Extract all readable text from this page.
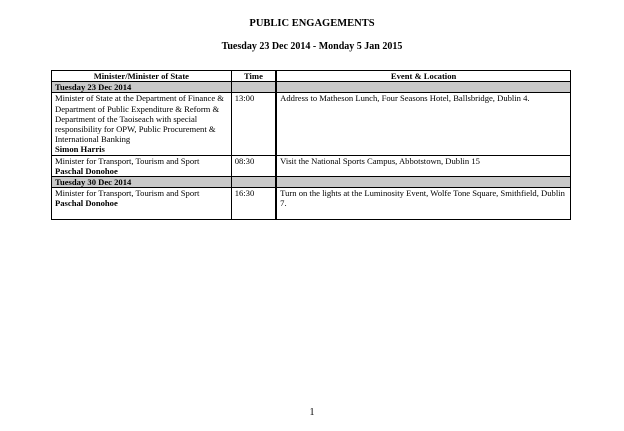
PUBLIC ENGAGEMENTS
Tuesday 23 Dec 2014 - Monday 5 Jan 2015
Minister/Minister of State	Time	Event & Location
Tuesday 23 Dec 2014		

Minister of State at the Department of Finance & Department of Public Expenditure & Reform & Department of the Taoiseach with special responsibility for OPW, Public Procurement & International Banking
Simon Harris	13:00	Address to Matheson Lunch, Four Seasons Hotel, Ballsbridge, Dublin 4.

Minister for Transport, Tourism and Sport
Paschal Donohoe	08:30	Visit the National Sports Campus, Abbotstown, Dublin 15
Tuesday 30 Dec 2014		

Minister for Transport, Tourism and Sport
Paschal Donohoe	16:30	Turn on the lights at the Luminosity Event, Wolfe Tone Square, Smithfield, Dublin 7.
1
